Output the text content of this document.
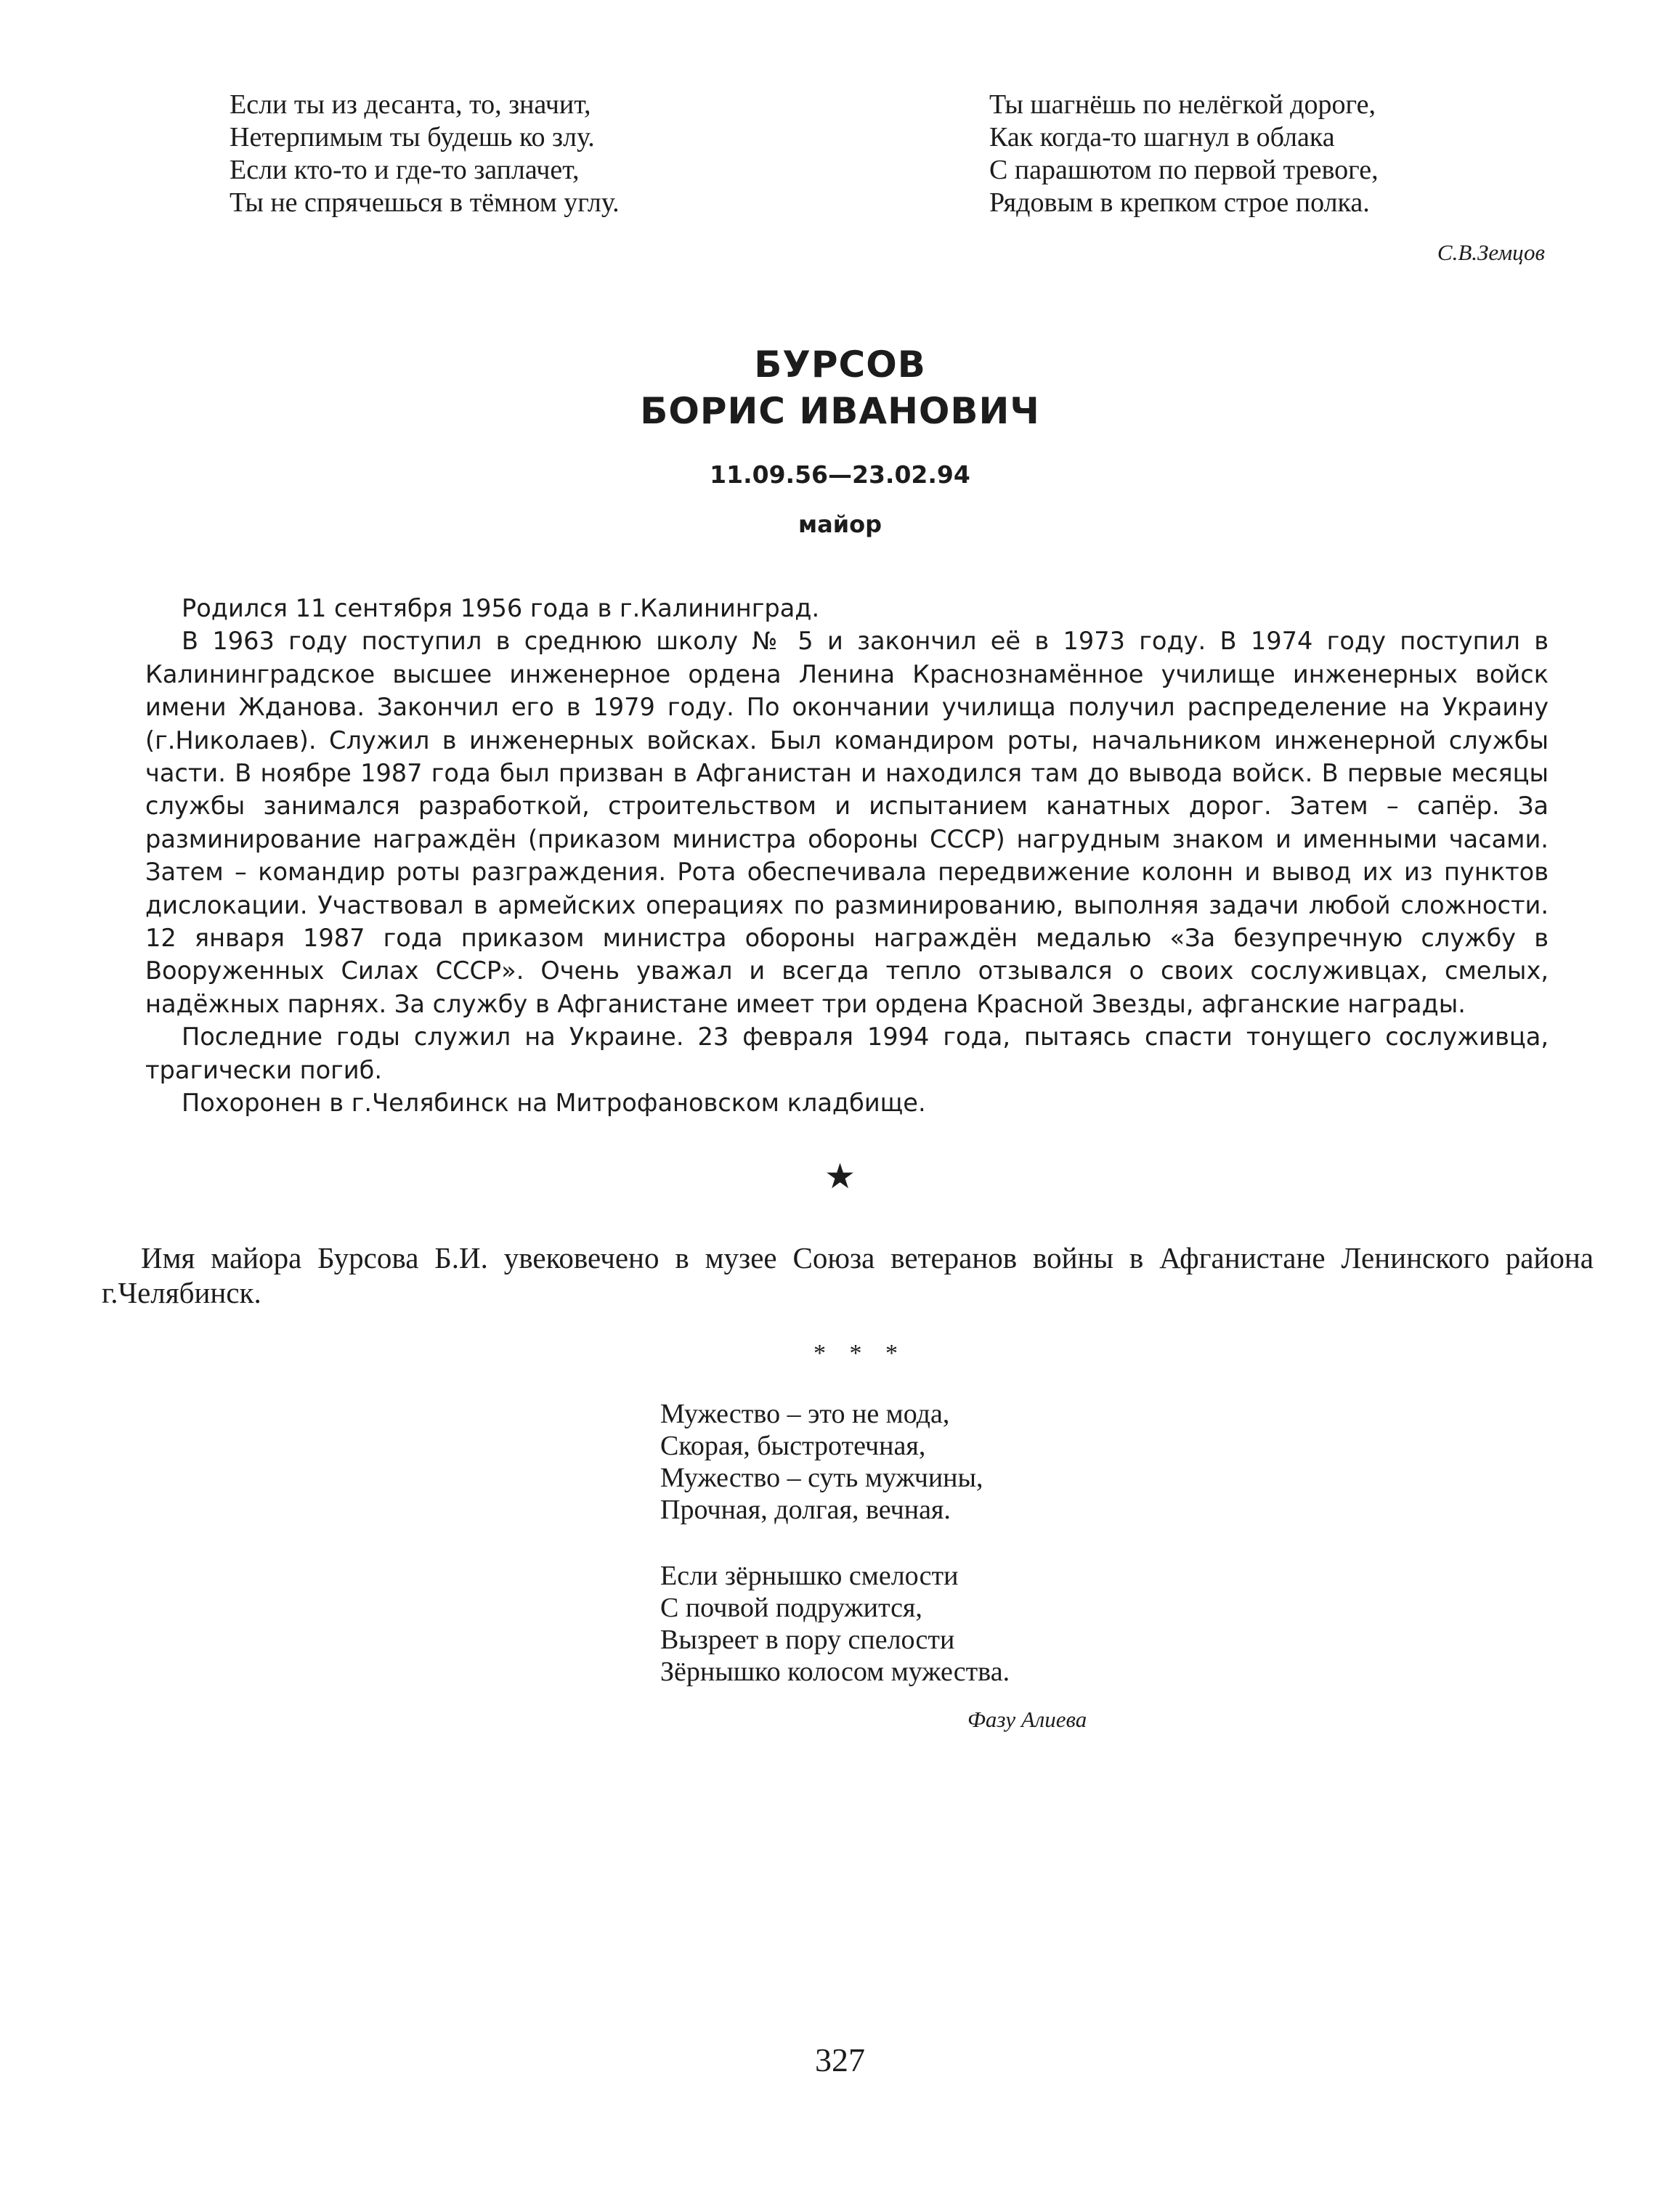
Если ты из десанта, то, значит,
Нетерпимым ты будешь ко злу.
Если кто-то и где-то заплачет,
Ты не спрячешься в тёмном углу.
Ты шагнёшь по нелёгкой дороге,
Как когда-то шагнул в облака
С парашютом по первой тревоге,
Рядовым в крепком строе полка.
С.В.Земцов
БУРСОВ
БОРИС ИВАНОВИЧ
11.09.56—23.02.94
майор

Родился 11 сентября 1956 года в г.Калининград.

В 1963 году поступил в среднюю школу № 5 и закончил её в 1973 году. В 1974 году поступил в Калининградское высшее инженерное ордена Ленина Краснознамённое училище инженерных войск имени Жданова. Закончил его в 1979 году. По окончании училища получил распределение на Украину (г.Николаев). Служил в инженерных войсках. Был командиром роты, начальником инженерной службы части. В ноябре 1987 года был призван в Афганистан и находился там до вывода войск. В первые месяцы службы занимался разработкой, строительством и испытанием канатных дорог. Затем – сапёр. За разминирование награждён (приказом министра обороны СССР) нагрудным знаком и именными часами. Затем – командир роты разграждения. Рота обеспечивала передвижение колонн и вывод их из пунктов дислокации. Участвовал в армейских операциях по разминированию, выполняя задачи любой сложности. 12 января 1987 года приказом министра обороны награждён медалью «За безупречную службу в Вооруженных Силах СССР». Очень уважал и всегда тепло отзывался о своих сослуживцах, смелых, надёжных парнях. За службу в Афганистане имеет три ордена Красной Звезды, афганские награды.

Последние годы служил на Украине. 23 февраля 1994 года, пытаясь спасти тонущего сослуживца, трагически погиб.

Похоронен в г.Челябинск на Митрофановском кладбище.

★
Имя майора Бурсова Б.И. увековечено в музее Союза ветеранов войны в Афганистане Ленинского района г.Челябинск.
* * *
Мужество – это не мода,
Скорая, быстротечная,
Мужество – суть мужчины,
Прочная, долгая, вечная.
Если зёрнышко смелости
С почвой подружится,
Вызреет в пору спелости
Зёрнышко колосом мужества.
Фазу Алиева
327
